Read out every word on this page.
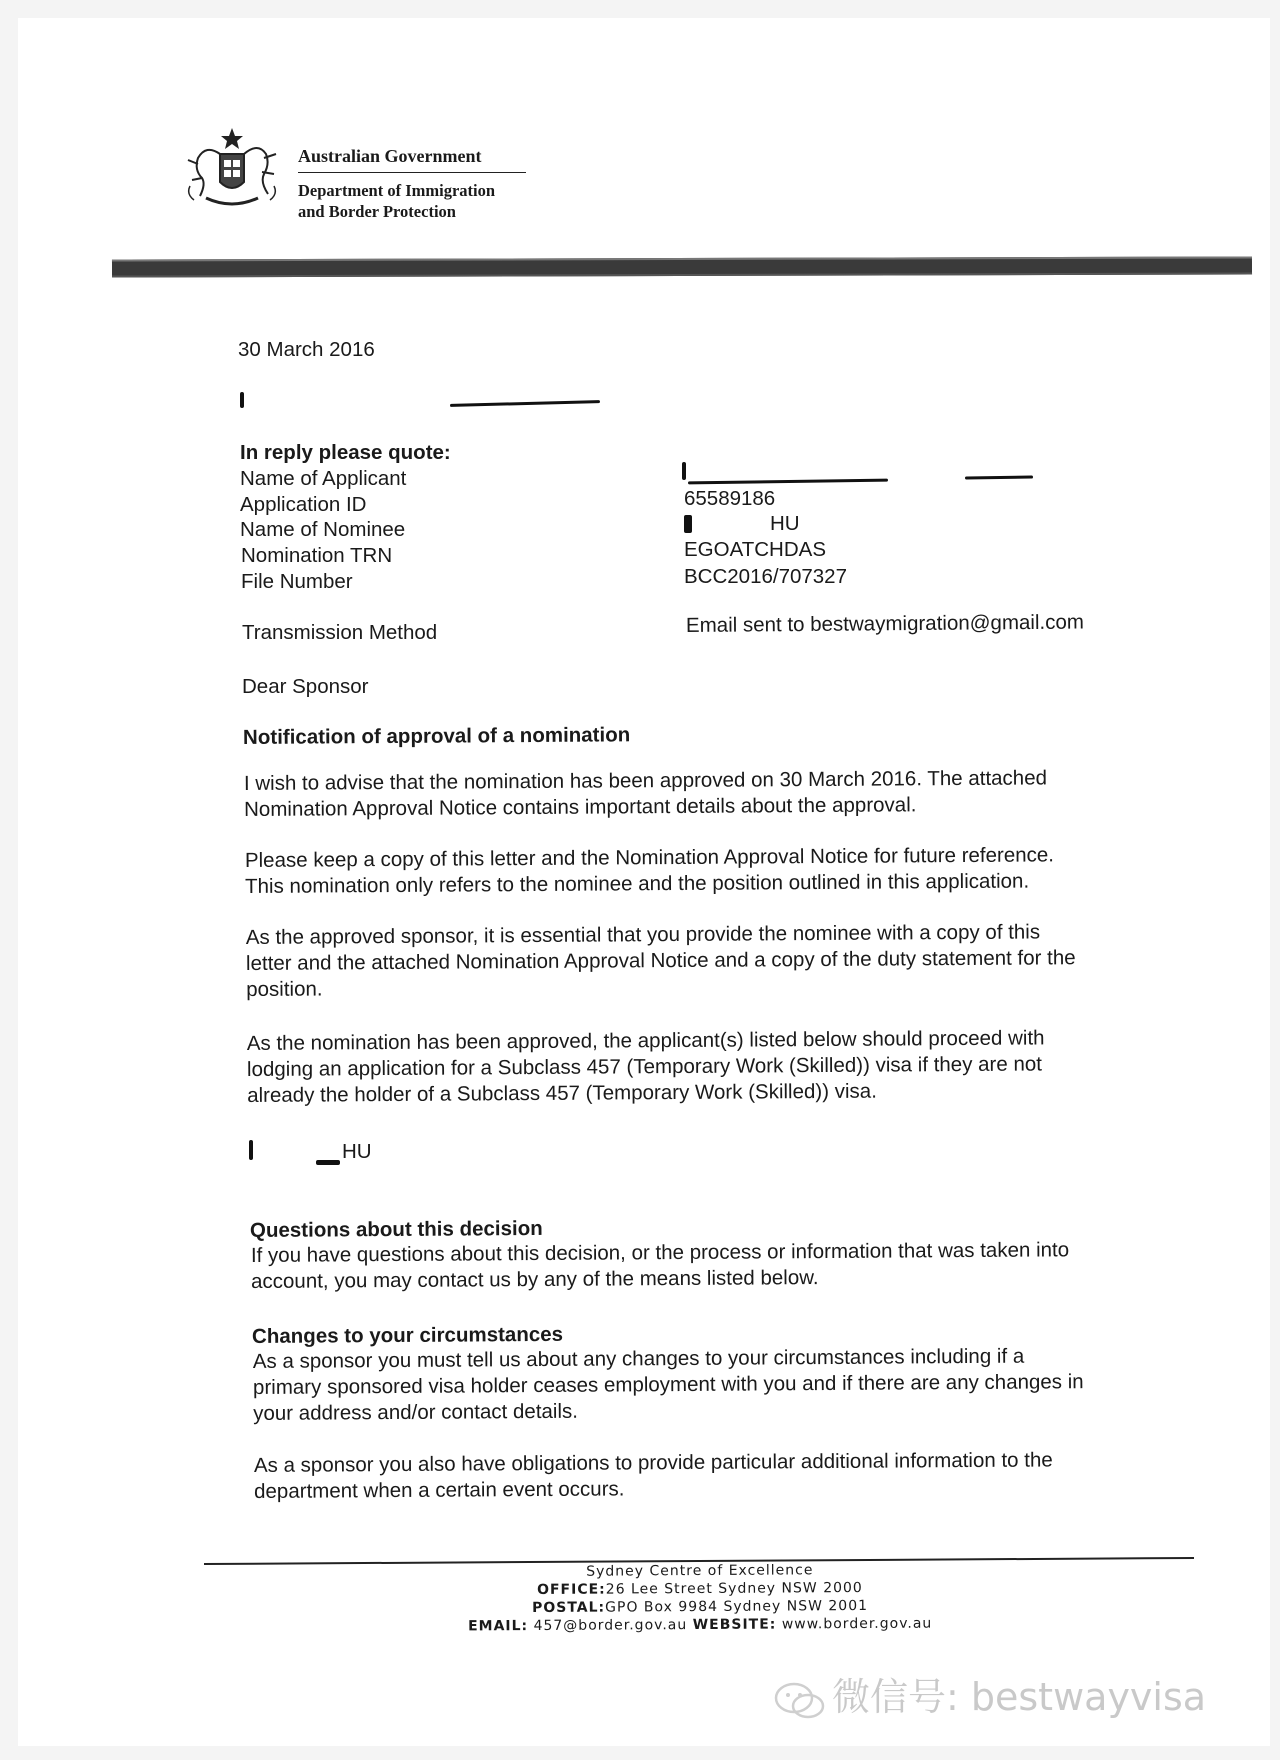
Australian Government
Department of Immigration
and Border Protection
30 March 2016
In reply please quote:
Name of Applicant
Application ID
Name of Nominee
Nomination TRN
File Number
Transmission Method
65589186
HU
EGOATCHDAS
BCC2016/707327
Email sent to bestwaymigration@gmail.com
Dear Sponsor
Notification of approval of a nomination
I wish to advise that the nomination has been approved on 30 March 2016. The attached
Nomination Approval Notice contains important details about the approval.
Please keep a copy of this letter and the Nomination Approval Notice for future reference.
This nomination only refers to the nominee and the position outlined in this application.
As the approved sponsor, it is essential that you provide the nominee with a copy of this
letter and the attached Nomination Approval Notice and a copy of the duty statement for the
position.
As the nomination has been approved, the applicant(s) listed below should proceed with
lodging an application for a Subclass 457 (Temporary Work (Skilled)) visa if they are not
already the holder of a Subclass 457 (Temporary Work (Skilled)) visa.
HU
Questions about this decision
If you have questions about this decision, or the process or information that was taken into
account, you may contact us by any of the means listed below.
Changes to your circumstances
As a sponsor you must tell us about any changes to your circumstances including if a
primary sponsored visa holder ceases employment with you and if there are any changes in
your address and/or contact details.
As a sponsor you also have obligations to provide particular additional information to the
department when a certain event occurs.
Sydney Centre of Excellence
OFFICE:26 Lee Street Sydney NSW 2000
POSTAL:GPO Box 9984 Sydney NSW 2001
EMAIL: 457@border.gov.au WEBSITE: www.border.gov.au
微信号: bestwayvisa
